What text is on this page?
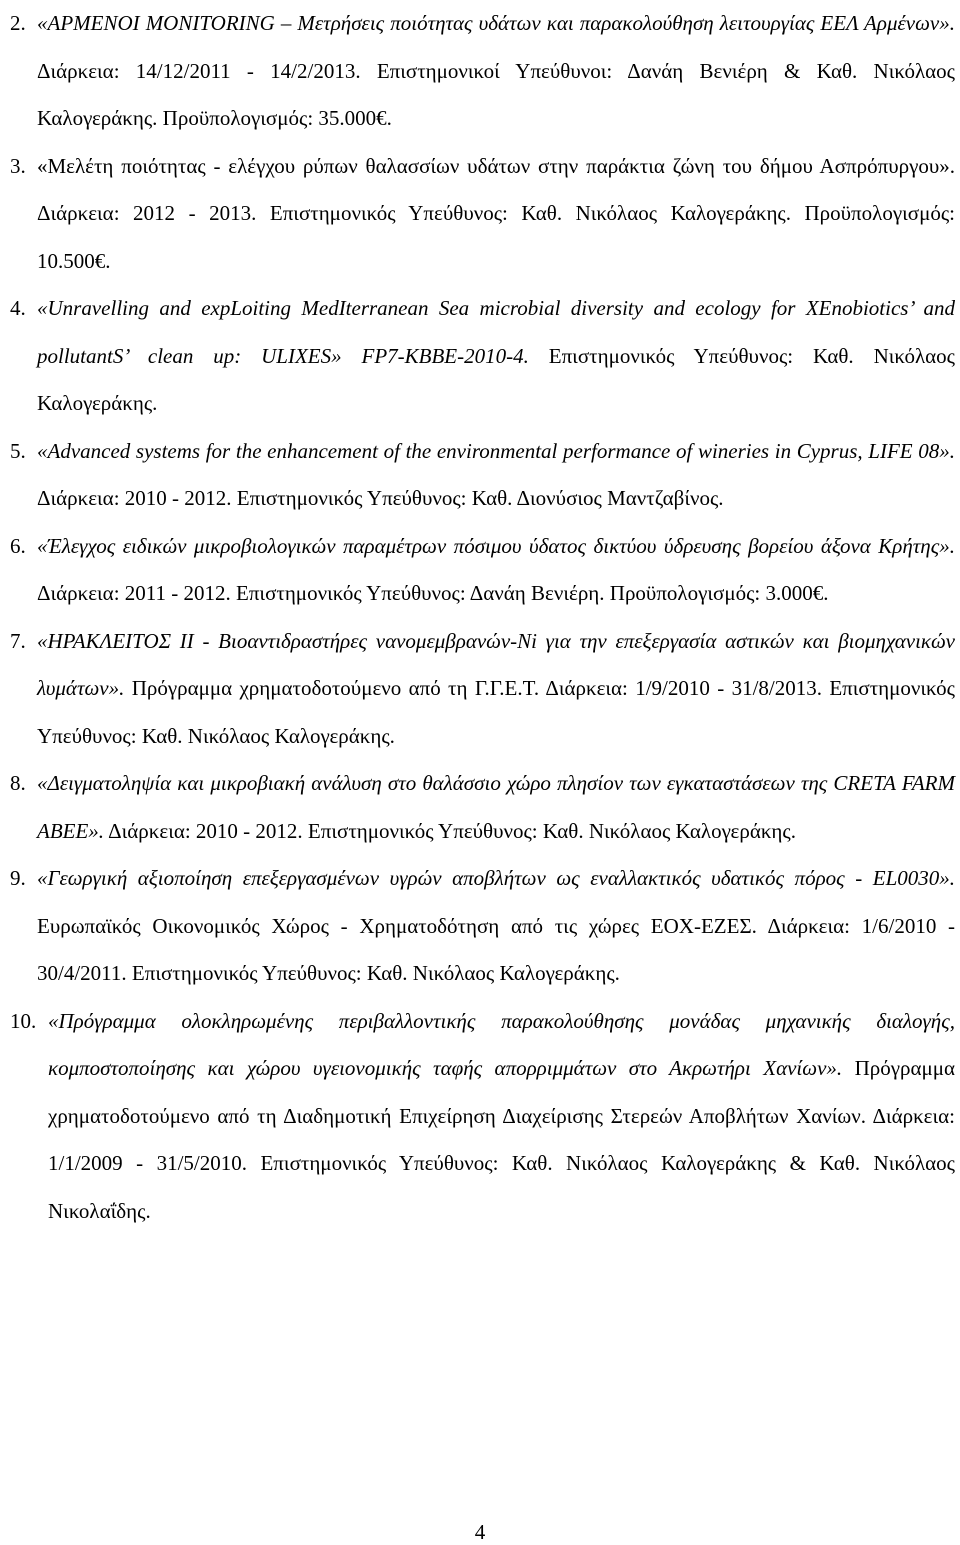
2. «ΑΡΜΕΝΟΙ MONITORING – Μετρήσεις ποιότητας υδάτων και παρακολούθηση λειτουργίας ΕΕΛ Αρμένων». Διάρκεια: 14/12/2011 - 14/2/2013. Επιστημονικοί Υπεύθυνοι: Δανάη Βενιέρη & Καθ. Νικόλαος Καλογεράκης. Προϋπολογισμός: 35.000€.
3. «Μελέτη ποιότητας - ελέγχου ρύπων θαλασσίων υδάτων στην παράκτια ζώνη του δήμου Ασπρόπυργου». Διάρκεια: 2012 - 2013. Επιστημονικός Υπεύθυνος: Καθ. Νικόλαος Καλογεράκης. Προϋπολογισμός: 10.500€.
4. «Unravelling and expLoiting MedIterranean Sea microbial diversity and ecology for XEnobiotics’ and pollutantS’ clean up: ULIXES» FP7-KBBE-2010-4. Επιστημονικός Υπεύθυνος: Καθ. Νικόλαος Καλογεράκης.
5. «Advanced systems for the enhancement of the environmental performance of wineries in Cyprus, LIFE 08». Διάρκεια: 2010 - 2012. Επιστημονικός Υπεύθυνος: Καθ. Διονύσιος Μαντζαβίνος.
6. «Έλεγχος ειδικών μικροβιολογικών παραμέτρων πόσιμου ύδατος δικτύου ύδρευσης βορείου άξονα Κρήτης». Διάρκεια: 2011 - 2012. Επιστημονικός Υπεύθυνος: Δανάη Βενιέρη. Προϋπολογισμός: 3.000€.
7. «ΗΡΑΚΛΕΙΤΟΣ ΙΙ - Βιοαντιδραστήρες νανομεμβρανών-Ni για την επεξεργασία αστικών και βιομηχανικών λυμάτων». Πρόγραμμα χρηματοδοτούμενο από τη Γ.Γ.Ε.Τ. Διάρκεια: 1/9/2010 - 31/8/2013. Επιστημονικός Υπεύθυνος: Καθ. Νικόλαος Καλογεράκης.
8. «Δειγματοληψία και μικροβιακή ανάλυση στο θαλάσσιο χώρο πλησίον των εγκαταστάσεων της CRETA FARM ΑΒΕΕ». Διάρκεια: 2010 - 2012. Επιστημονικός Υπεύθυνος: Καθ. Νικόλαος Καλογεράκης.
9. «Γεωργική αξιοποίηση επεξεργασμένων υγρών αποβλήτων ως εναλλακτικός υδατικός πόρος - EL0030». Ευρωπαϊκός Οικονομικός Χώρος - Χρηματοδότηση από τις χώρες ΕΟΧ-ΕΖΕΣ. Διάρκεια: 1/6/2010 - 30/4/2011. Επιστημονικός Υπεύθυνος: Καθ. Νικόλαος Καλογεράκης.
10. «Πρόγραμμα ολοκληρωμένης περιβαλλοντικής παρακολούθησης μονάδας μηχανικής διαλογής, κομποστοποίησης και χώρου υγειονομικής ταφής απορριμμάτων στο Ακρωτήρι Χανίων». Πρόγραμμα χρηματοδοτούμενο από τη Διαδημοτική Επιχείρηση Διαχείρισης Στερεών Αποβλήτων Χανίων. Διάρκεια: 1/1/2009 - 31/5/2010. Επιστημονικός Υπεύθυνος: Καθ. Νικόλαος Καλογεράκης & Καθ. Νικόλαος Νικολαΐδης.
4
